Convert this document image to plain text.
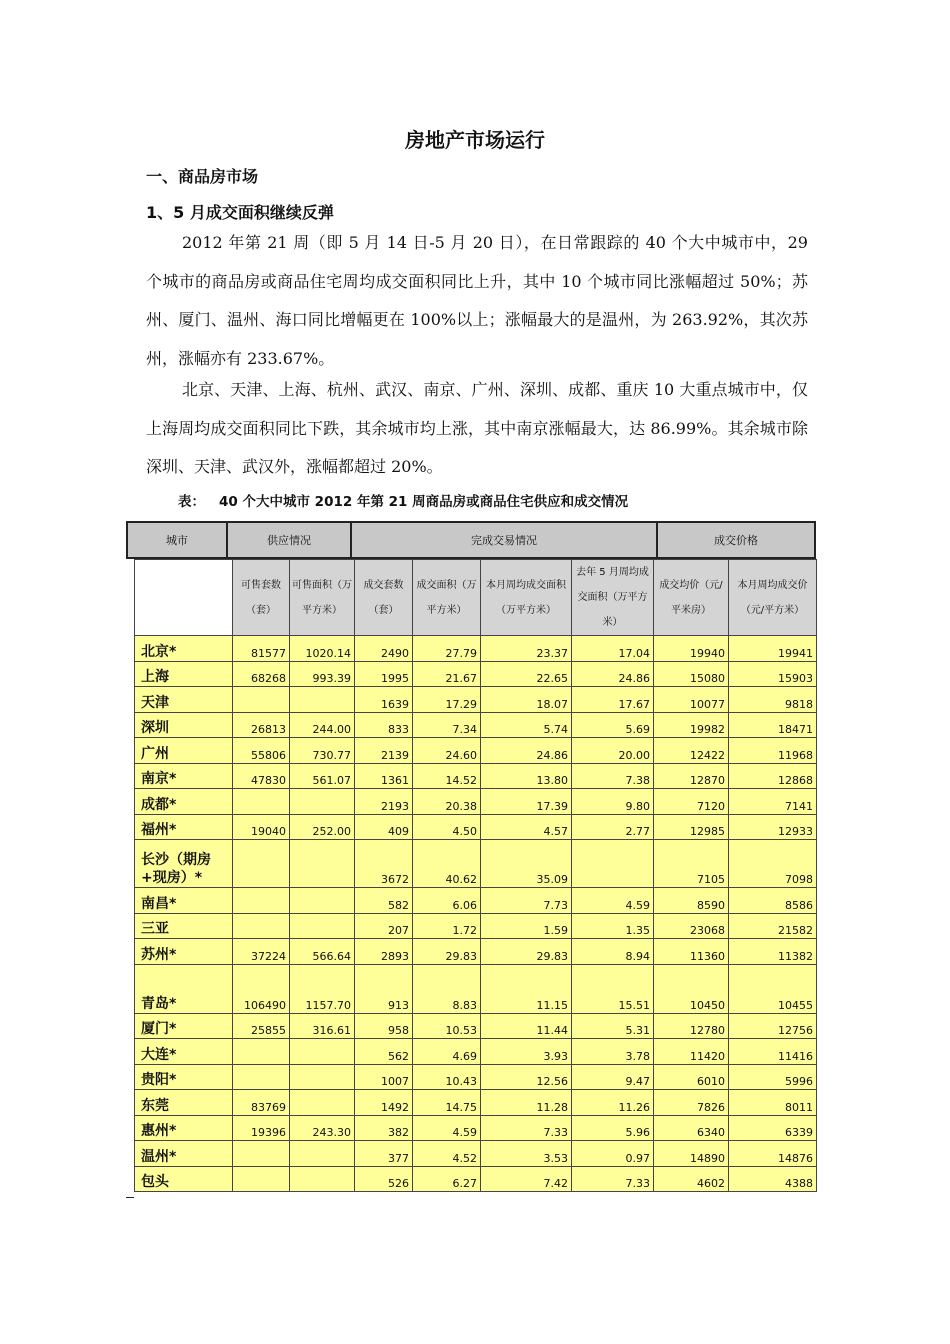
房地产市场运行

一、商品房市场

1、5 月成交面积继续反弹

2012 年第 21 周（即 5 月 14 日-5 月 20 日），在日常跟踪的 40 个大中城市中，29 个城市的商品房或商品住宅周均成交面积同比上升，其中 10 个城市同比涨幅超过 50%；苏州、厦门、温州、海口同比增幅更在 100%以上；涨幅最大的是温州，为 263.92%，其次苏州，涨幅亦有 233.67%。

北京、天津、上海、杭州、武汉、南京、广州、深圳、成都、重庆 10 大重点城市中，仅上海周均成交面积同比下跌，其余城市均上涨，其中南京涨幅最大，达 86.99%。其余城市除深圳、天津、武汉外，涨幅都超过 20%。

表： 40 个大中城市 2012 年第 21 周商品房或商品住宅供应和成交情况

城市	供应情况	完成交易情况	成交价格
	可售套数（套）	可售面积（万平方米）	成交套数（套）	成交面积（万平方米）	本月周均成交面积（万平方米）	去年 5 月周均成交面积（万平方米）	成交均价（元/平米房）	本月周均成交价（元/平方米）
北京*	81577	1020.14	2490	27.79	23.37	17.04	19940	19941
上海	68268	993.39	1995	21.67	22.65	24.86	15080	15903
天津			1639	17.29	18.07	17.67	10077	9818
深圳	26813	244.00	833	7.34	5.74	5.69	19982	18471
广州	55806	730.77	2139	24.60	24.86	20.00	12422	11968
南京*	47830	561.07	1361	14.52	13.80	7.38	12870	12868
成都*			2193	20.38	17.39	9.80	7120	7141
福州*	19040	252.00	409	4.50	4.57	2.77	12985	12933
长沙（期房+现房）*			3672	40.62	35.09		7105	7098
南昌*			582	6.06	7.73	4.59	8590	8586
三亚			207	1.72	1.59	1.35	23068	21582
苏州*	37224	566.64	2893	29.83	29.83	8.94	11360	11382
青岛*	106490	1157.70	913	8.83	11.15	15.51	10450	10455
厦门*	25855	316.61	958	10.53	11.44	5.31	12780	12756
大连*			562	4.69	3.93	3.78	11420	11416
贵阳*			1007	10.43	12.56	9.47	6010	5996
东莞	83769		1492	14.75	11.28	11.26	7826	8011
惠州*	19396	243.30	382	4.59	7.33	5.96	6340	6339
温州*			377	4.52	3.53	0.97	14890	14876
包头			526	6.27	7.42	7.33	4602	4388
